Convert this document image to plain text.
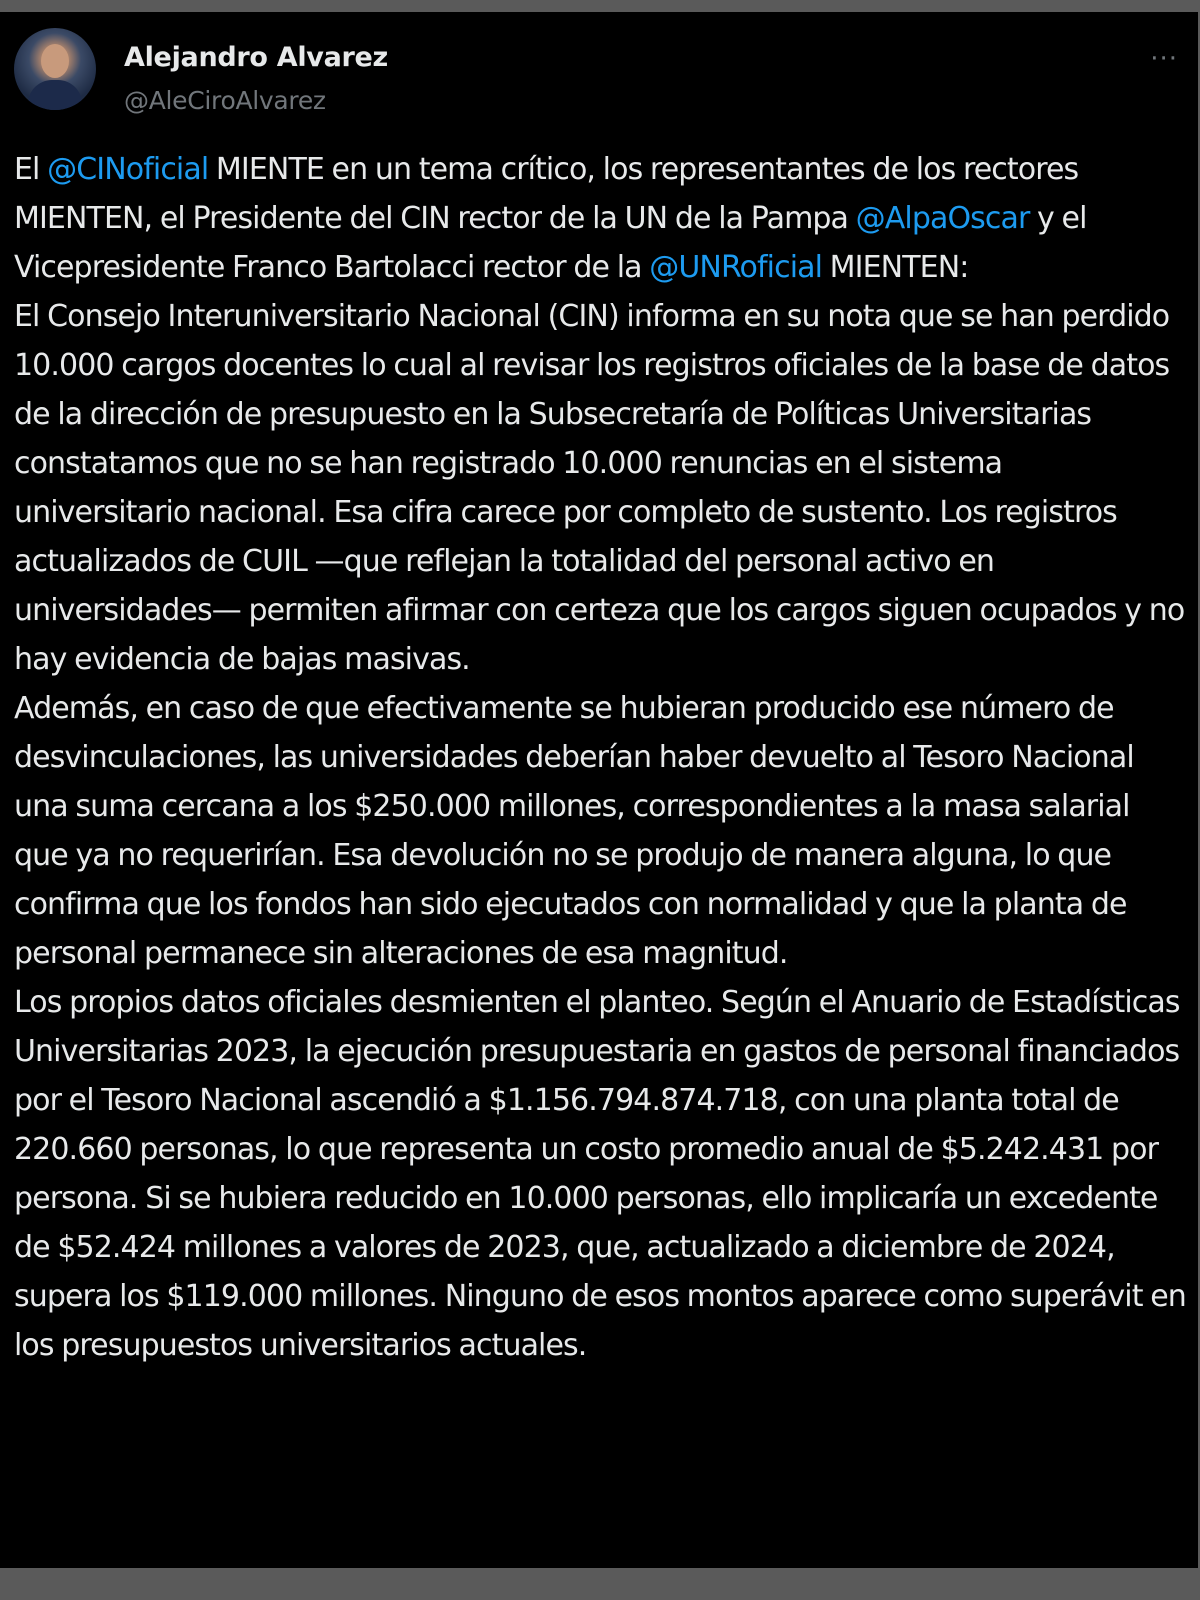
Alejandro Alvarez
@AleCiroAlvarez
···

El @CINoficial MIENTE en un tema crítico, los representantes de los rectores MIENTEN, el Presidente del CIN rector de la UN de la Pampa @AlpaOscar y el Vicepresidente Franco Bartolacci rector de la @UNRoficial MIENTEN:

El Consejo Interuniversitario Nacional (CIN) informa en su nota que se han perdido 10.000 cargos docentes lo cual al revisar los registros oficiales de la base de datos de la dirección de presupuesto en la Subsecretaría de Políticas Universitarias constatamos que no se han registrado 10.000 renuncias en el sistema universitario nacional. Esa cifra carece por completo de sustento. Los registros actualizados de CUIL —que reflejan la totalidad del personal activo en universidades— permiten afirmar con certeza que los cargos siguen ocupados y no hay evidencia de bajas masivas.

Además, en caso de que efectivamente se hubieran producido ese número de desvinculaciones, las universidades deberían haber devuelto al Tesoro Nacional una suma cercana a los $250.000 millones, correspondientes a la masa salarial que ya no requerirían. Esa devolución no se produjo de manera alguna, lo que confirma que los fondos han sido ejecutados con normalidad y que la planta de personal permanece sin alteraciones de esa magnitud.

Los propios datos oficiales desmienten el planteo. Según el Anuario de Estadísticas Universitarias 2023, la ejecución presupuestaria en gastos de personal financiados por el Tesoro Nacional ascendió a $1.156.794.874.718, con una planta total de 220.660 personas, lo que representa un costo promedio anual de $5.242.431 por persona. Si se hubiera reducido en 10.000 personas, ello implicaría un excedente de $52.424 millones a valores de 2023, que, actualizado a diciembre de 2024, supera los $119.000 millones. Ninguno de esos montos aparece como superávit en los presupuestos universitarios actuales.
